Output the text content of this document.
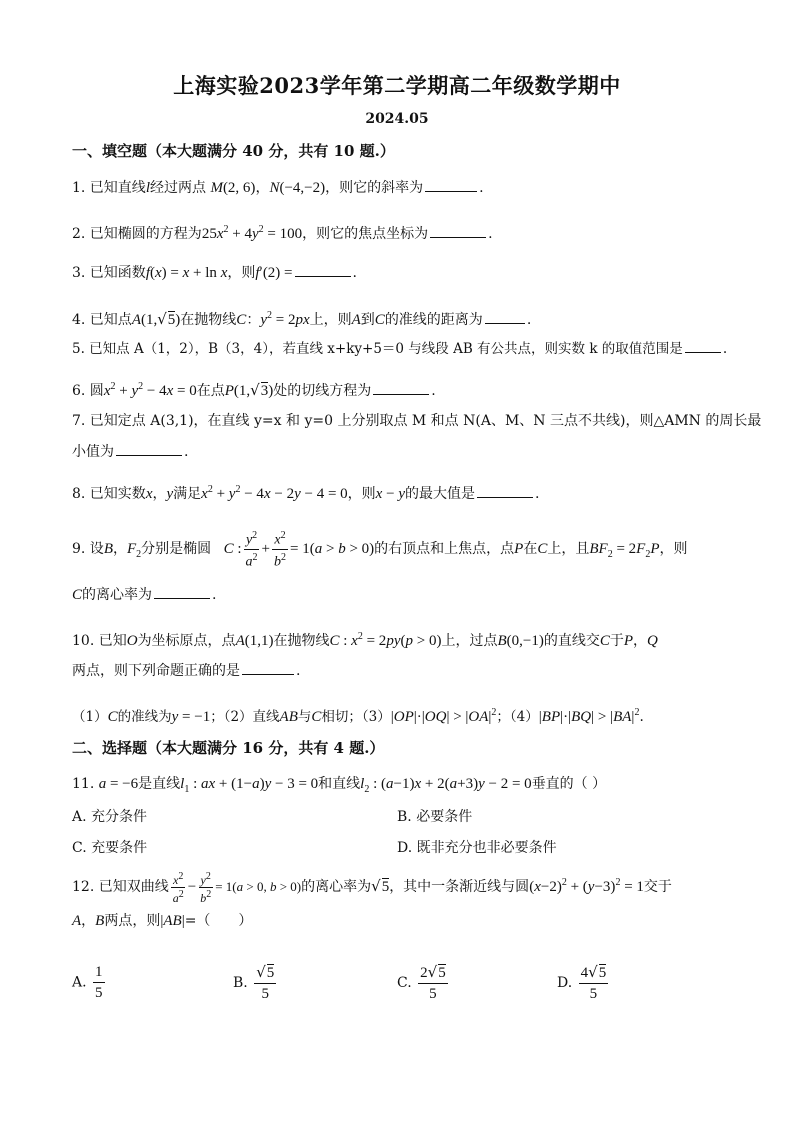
上海实验2023学年第二学期高二年级数学期中
2024.05
一、填空题（本大题满分 40 分，共有 10 题.）
1. 已知直线l经过两点 M(2, 6)，N(−4,−2)，则它的斜率为	.
2. 已知椭圆的方程为$25x^2 + 4y^2 = 100$，则它的焦点坐标为	.
3. 已知函数f(x) = x + ln x，则f′(2) =	.
4. 已知点A(1,√5)在抛物线C：$y^2 = 2px$上，则A到C的准线的距离为	.
5. 已知点 A（1，2），B（3，4），若直线 x+ky+5＝0 与线段 AB 有公共点，则实数 k 的取值范围是	.
6. 圆$x^2 + y^2 - 4x = 0$在点P(1,√3)处的切线方程为	.
7. 已知定点 A(3,1)，在直线 y=x 和 y=0 上分别取点 M 和点 N(A、M、N 三点不共线)，则△AMN 的周长最
小值为	.
8. 已知实数x，y满足$x^2 + y^2 - 4x - 2y - 4 = 0$，则x − y的最大值是	.
9. 设B，$F_2$分别是椭圆 C : $\frac{y^2}{a^2} + \frac{x^2}{b^2} = 1(a > b > 0)$的右顶点和上焦点，点P在C上，且$BF_2 = 2F_2P$，则
C的离心率为	.
10. 已知O为坐标原点，点A(1,1)在抛物线C : $x^2 = 2py(p > 0)$上，过点B(0,−1)的直线交C于P，Q
两点，则下列命题正确的是	.
（1）C的准线为y = −1；（2）直线AB与C相切；$(3)|OP|\cdot|OQ| > |OA|^2$；$(4)|BP|\cdot|BQ| > |BA|^2$.
二、选择题（本大题满分 16 分，共有 4 题.）
11. a = −6是直线$l_1$ : ax + (1−a)y − 3 = 0和直线$l_2$ : (a−1)x + 2(a+3)y − 2 = 0垂直的（ ）
A. 充分条件	B. 必要条件
C. 充要条件	D. 既非充分也非必要条件
12. 已知双曲线 $\frac{x^2}{a^2} - \frac{y^2}{b^2} = 1(a > 0$, b > 0)的离心率为√5，其中一条渐近线与圆$(x-2)^2 + (y-3)^2 = 1$交于
A，B两点，则|AB|=（　　）
A. $\frac{1}{5}$	B. $\frac{√5}{5}$	C. $\frac{2√5}{5}$	D. $\frac{4√5}{5}$
